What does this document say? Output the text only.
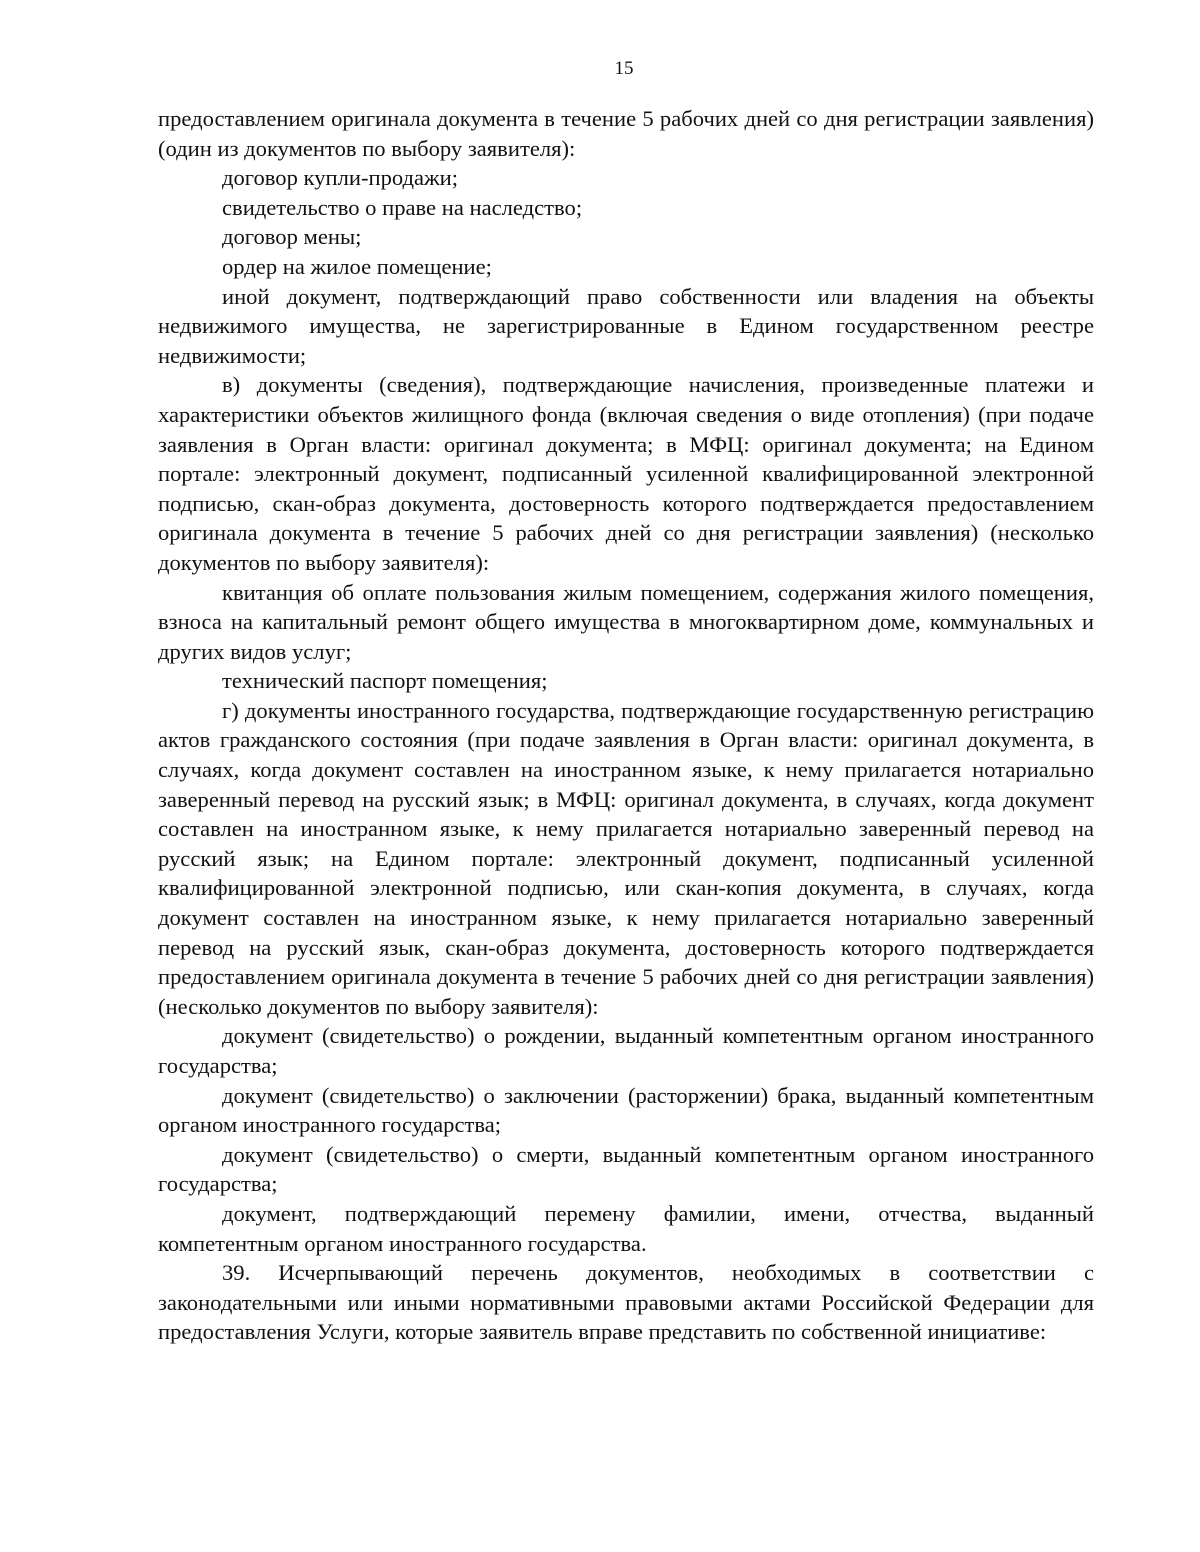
15

предоставлением оригинала документа в течение 5 рабочих дней со дня регистрации заявления) (один из документов по выбору заявителя):

договор купли-продажи;

свидетельство о праве на наследство;

договор мены;

ордер на жилое помещение;

иной документ, подтверждающий право собственности или владения на объекты недвижимого имущества, не зарегистрированные в Едином государственном реестре недвижимости;

в) документы (сведения), подтверждающие начисления, произведенные платежи и характеристики объектов жилищного фонда (включая сведения о виде отопления) (при подаче заявления в Орган власти: оригинал документа; в МФЦ: оригинал документа; на Едином портале: электронный документ, подписанный усиленной квалифицированной электронной подписью, скан-образ документа, достоверность которого подтверждается предоставлением оригинала документа в течение 5 рабочих дней со дня регистрации заявления) (несколько документов по выбору заявителя):

квитанция об оплате пользования жилым помещением, содержания жилого помещения, взноса на капитальный ремонт общего имущества в многоквартирном доме, коммунальных и других видов услуг;

технический паспорт помещения;

г) документы иностранного государства, подтверждающие государственную регистрацию актов гражданского состояния (при подаче заявления в Орган власти: оригинал документа, в случаях, когда документ составлен на иностранном языке, к нему прилагается нотариально заверенный перевод на русский язык; в МФЦ: оригинал документа, в случаях, когда документ составлен на иностранном языке, к нему прилагается нотариально заверенный перевод на русский язык; на Едином портале: электронный документ, подписанный усиленной квалифицированной электронной подписью, или скан-копия документа, в случаях, когда документ составлен на иностранном языке, к нему прилагается нотариально заверенный перевод на русский язык, скан-образ документа, достоверность которого подтверждается предоставлением оригинала документа в течение 5 рабочих дней со дня регистрации заявления) (несколько документов по выбору заявителя):

документ (свидетельство) о рождении, выданный компетентным органом иностранного государства;

документ (свидетельство) о заключении (расторжении) брака, выданный компетентным органом иностранного государства;

документ (свидетельство) о смерти, выданный компетентным органом иностранного государства;

документ, подтверждающий перемену фамилии, имени, отчества, выданный компетентным органом иностранного государства.

39. Исчерпывающий перечень документов, необходимых в соответствии с законодательными или иными нормативными правовыми актами Российской Федерации для предоставления Услуги, которые заявитель вправе представить по собственной инициативе:
